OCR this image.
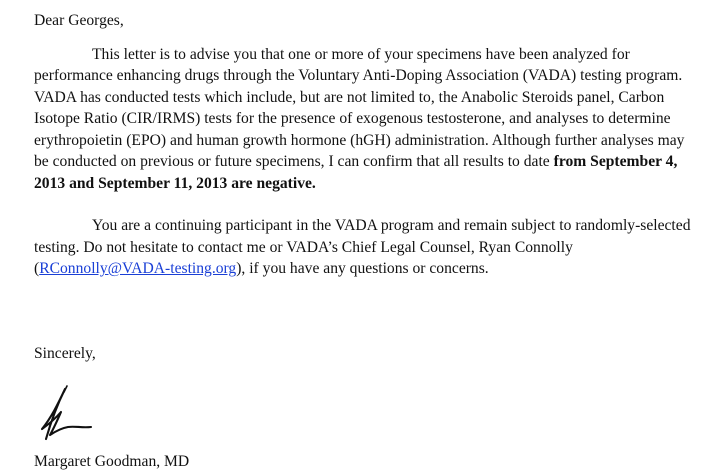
Dear Georges,

This letter is to advise you that one or more of your specimens have been analyzed for performance enhancing drugs through the Voluntary Anti-Doping Association (VADA) testing program. VADA has conducted tests which include, but are not limited to, the Anabolic Steroids panel, Carbon Isotope Ratio (CIR/IRMS) tests for the presence of exogenous testosterone, and analyses to determine erythropoietin (EPO) and human growth hormone (hGH) administration. Although further analyses may be conducted on previous or future specimens, I can confirm that all results to date from September 4, 2013 and September 11, 2013 are negative.

You are a continuing participant in the VADA program and remain subject to randomly-selected testing. Do not hesitate to contact me or VADA’s Chief Legal Counsel, Ryan Connolly (RConnolly@VADA-testing.org), if you have any questions or concerns.

Sincerely,

Margaret Goodman, MD
